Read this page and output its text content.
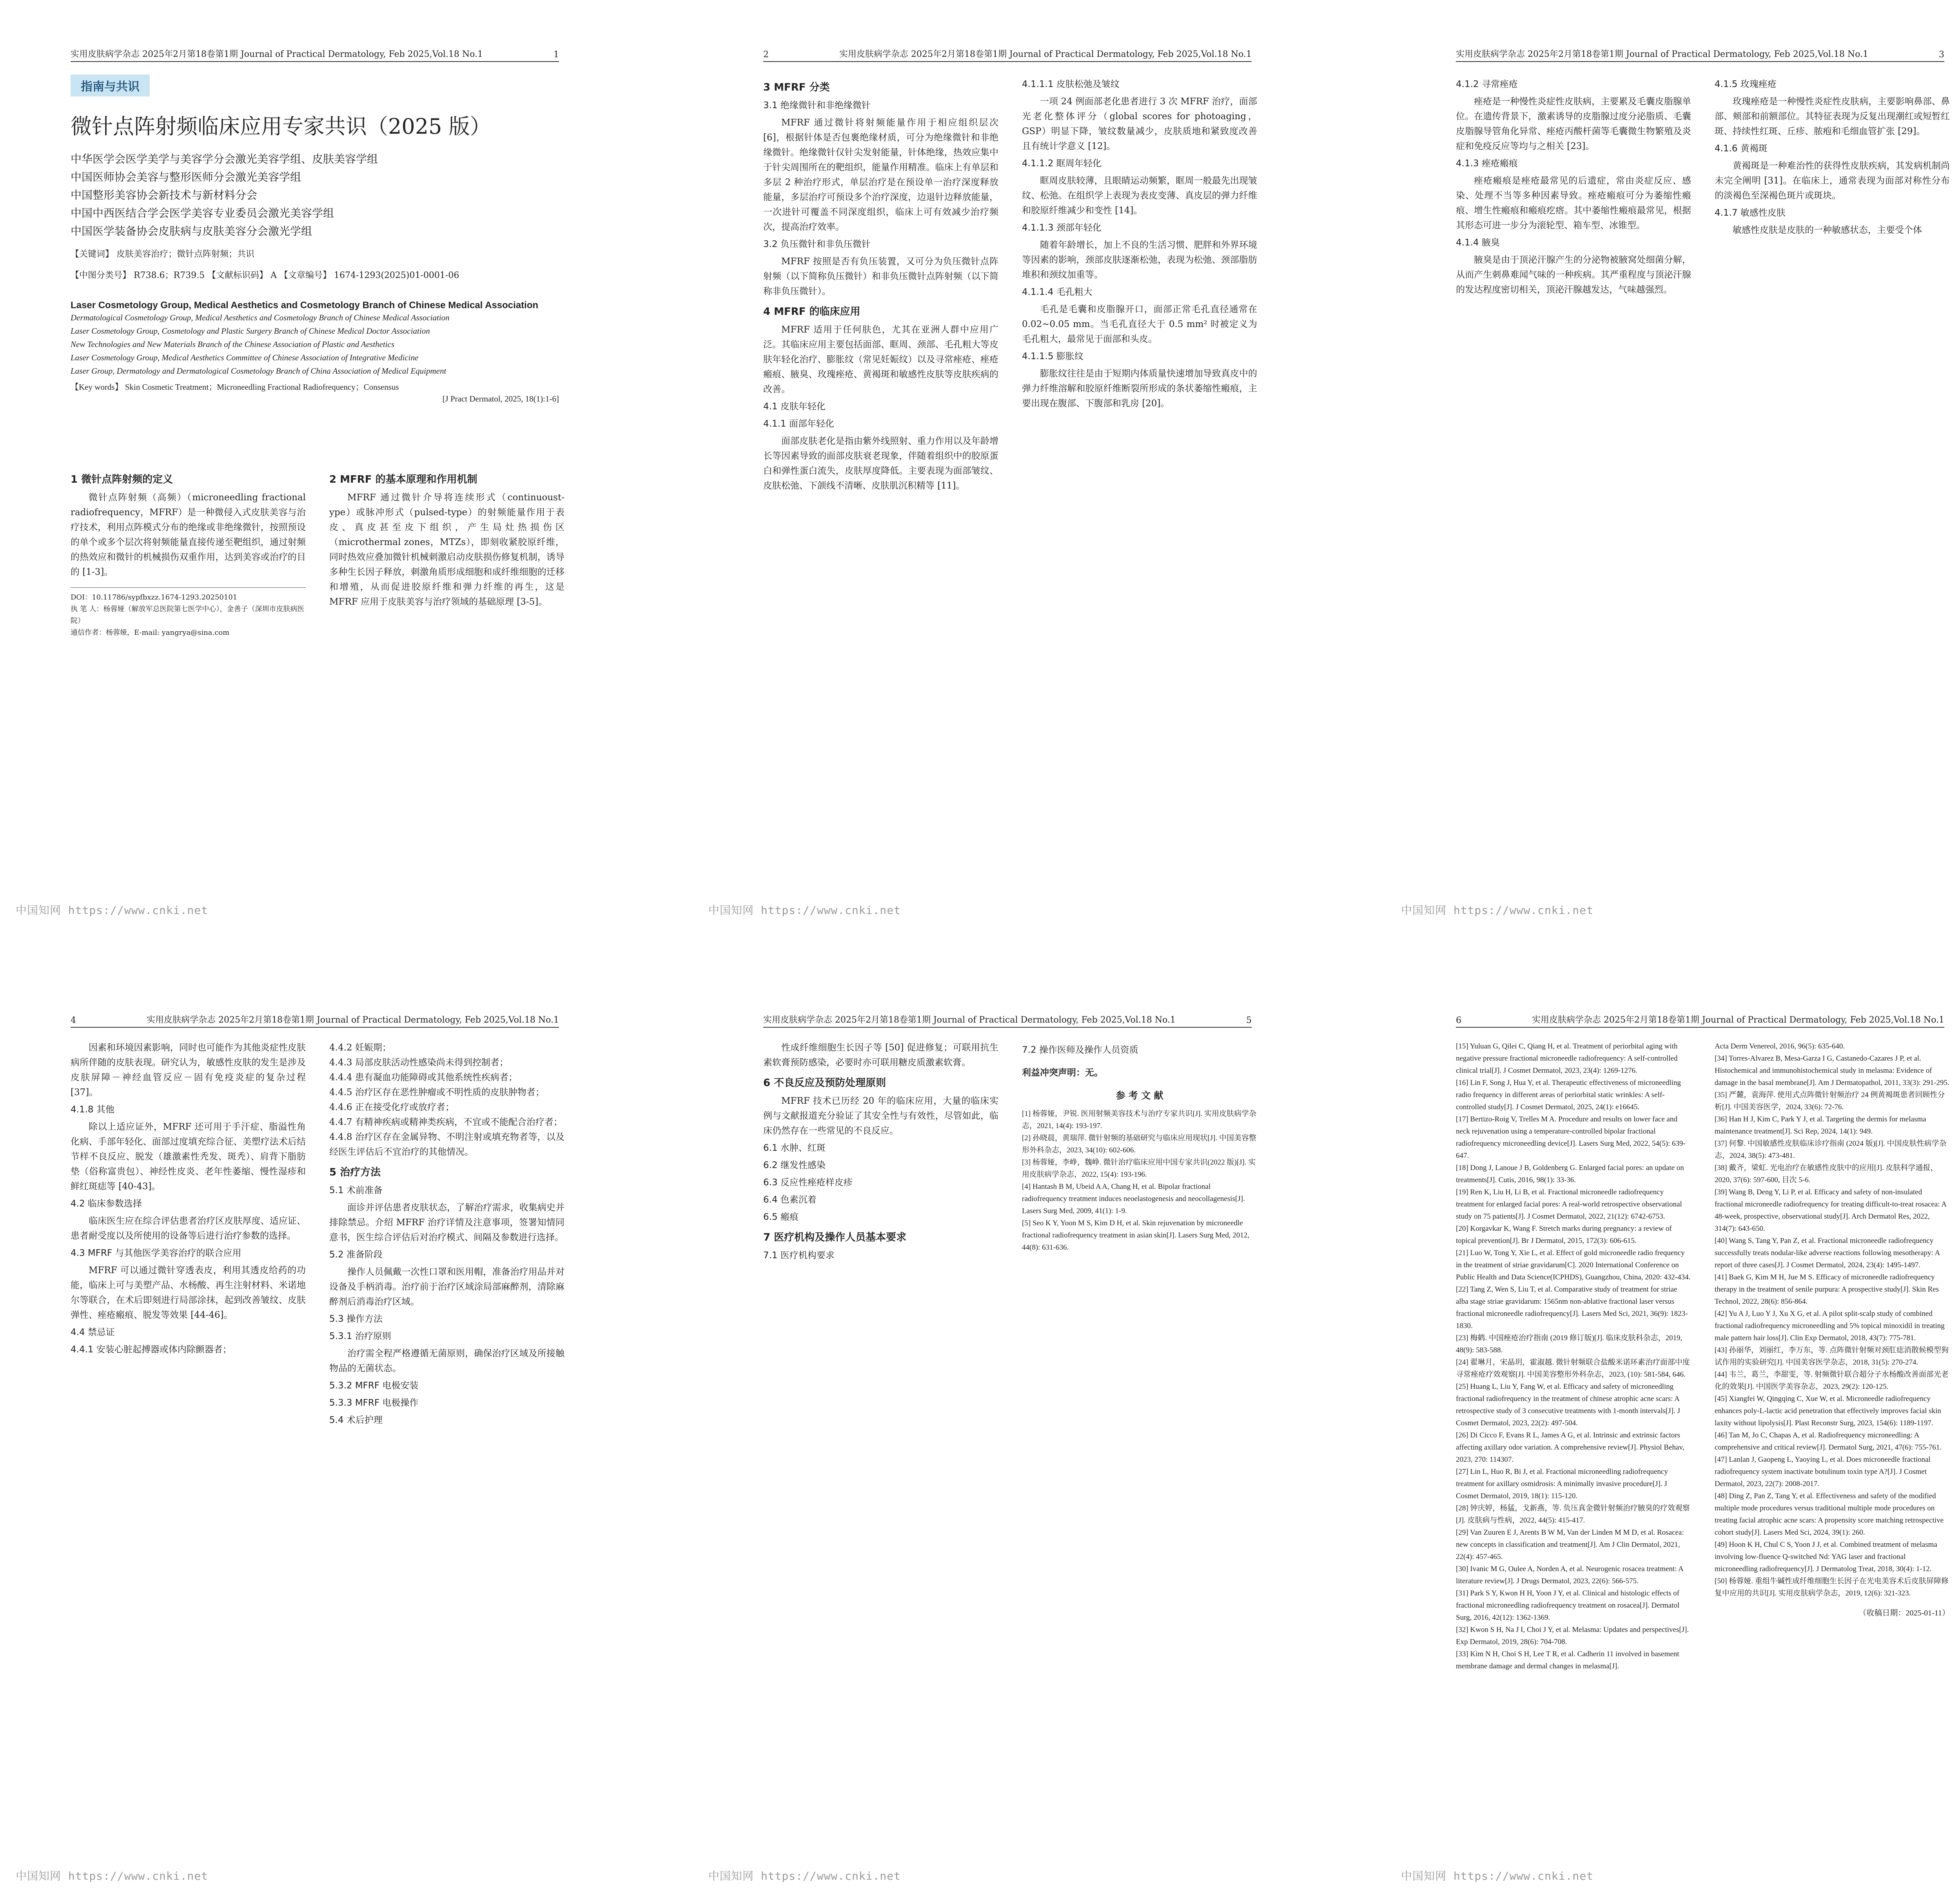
实用皮肤病学杂志 2025年2月第18卷第1期 Journal of Practical Dermatology, Feb 2025,Vol.18 No.1	1
指南与共识
微针点阵射频临床应用专家共识（2025 版）
中华医学会医学美学与美容学分会激光美容学组、皮肤美容学组
中国医师协会美容与整形医师分会激光美容学组
中国整形美容协会新技术与新材料分会
中国中西医结合学会医学美容专业委员会激光美容学组
中国医学装备协会皮肤病与皮肤美容分会激光学组
【关键词】 皮肤美容治疗；微针点阵射频；共识
【中图分类号】 R738.6；R739.5 【文献标识码】 A 【文章编号】 1674-1293(2025)01-0001-06
Laser Cosmetology Group, Medical Aesthetics and Cosmetology Branch of Chinese Medical Association
Dermatological Cosmetology Group, Medical Aesthetics and Cosmetology Branch of Chinese Medical Association
Laser Cosmetology Group, Cosmetology and Plastic Surgery Branch of Chinese Medical Doctor Association
New Technologies and New Materials Branch of the Chinese Association of Plastic and Aesthetics
Laser Cosmetology Group, Medical Aesthetics Committee of Chinese Association of Integrative Medicine
Laser Group, Dermatology and Dermatological Cosmetology Branch of China Association of Medical Equipment
【Key words】 Skin Cosmetic Treatment；Microneedling Fractional Radiofrequency；Consensus
[J Pract Dermatol, 2025, 18(1):1-6]
1 微针点阵射频的定义

微针点阵射频（高频）（microneedling fractional radiofrequency，MFRF）是一种微侵入式皮肤美容与治疗技术，利用点阵模式分布的绝缘或非绝缘微针，按照预设的单个或多个层次将射频能量直接传递至靶组织，通过射频的热效应和微针的机械损伤双重作用，达到美容或治疗的目的 [1-3]。

DOI：10.11786/sypfbxzz.1674-1293.20250101
执 笔 人：杨蓉娅（解放军总医院第七医学中心），金善子（深圳市皮肤病医院）
通信作者：杨蓉娅，E-mail: yangrya@sina.com
2 MFRF 的基本原理和作用机制

MFRF 通过微针介导将连续形式（continuoust-ype）或脉冲形式（pulsed-type）的射频能量作用于表皮、真皮甚至皮下组织，产生局灶热损伤区（microthermal zones，MTZs），即刻收紧胶原纤维，同时热效应叠加微针机械刺激启动皮肤损伤修复机制，诱导多种生长因子释放，刺激角质形成细胞和成纤维细胞的迁移和增殖，从而促进胶原纤维和弹力纤维的再生，这是 MFRF 应用于皮肤美容与治疗领域的基础原理 [3-5]。

中国知网 https://www.cnki.net
2	实用皮肤病学杂志 2025年2月第18卷第1期 Journal of Practical Dermatology, Feb 2025,Vol.18 No.1
3 MFRF 分类
3.1 绝缘微针和非绝缘微针

MFRF 通过微针将射频能量作用于相应组织层次 [6]，根据针体是否包裹绝缘材质，可分为绝缘微针和非绝缘微针。绝缘微针仅针尖发射能量，针体绝缘，热效应集中于针尖周围所在的靶组织，能量作用精准。临床上有单层和多层 2 种治疗形式，单层治疗是在预设单一治疗深度释放能量，多层治疗可预设多个治疗深度，边退针边释放能量，一次进针可覆盖不同深度组织，临床上可有效减少治疗频次，提高治疗效率。

3.2 负压微针和非负压微针

MFRF 按照是否有负压装置，又可分为负压微针点阵射频（以下简称负压微针）和非负压微针点阵射频（以下简称非负压微针）。

4 MFRF 的临床应用

MFRF 适用于任何肤色，尤其在亚洲人群中应用广泛。其临床应用主要包括面部、眶周、颈部、毛孔粗大等皮肤年轻化治疗、膨胀纹（常见妊娠纹）以及寻常痤疮、痤疮瘢痕、腋臭、玫瑰痤疮、黄褐斑和敏感性皮肤等皮肤疾病的改善。

4.1 皮肤年轻化
4.1.1 面部年轻化

面部皮肤老化是指由紫外线照射、重力作用以及年龄增长等因素导致的面部皮肤衰老现象，伴随着组织中的胶原蛋白和弹性蛋白流失，皮肤厚度降低。主要表现为面部皱纹、皮肤松弛、下颌线不清晰、皮肤肌沉积精等 [11]。

4.1.1.1 皮肤松弛及皱纹

一项 24 例面部老化患者进行 3 次 MFRF 治疗，面部光老化整体评分（global scores for photoaging，GSP）明显下降，皱纹数量减少，皮肤质地和紧致度改善且有统计学意义 [12]。

4.1.1.2 眶周年轻化

眶周皮肤较薄，且眼睛运动频繁，眶周一般最先出现皱纹、松弛。在组织学上表现为表皮变薄、真皮层的弹力纤维和胶原纤维减少和变性 [14]。

4.1.1.3 颈部年轻化

随着年龄增长，加上不良的生活习惯、肥胖和外界环境等因素的影响，颈部皮肤逐渐松弛，表现为松弛、颈部脂肪堆积和颈纹加重等。

4.1.1.4 毛孔粗大

毛孔是毛囊和皮脂腺开口，面部正常毛孔直径通常在 0.02~0.05 mm。当毛孔直径大于 0.5 mm² 时被定义为毛孔粗大，最常见于面部和头皮。

4.1.1.5 膨胀纹

膨胀纹往往是由于短期内体质量快速增加导致真皮中的弹力纤维溶解和胶原纤维断裂所形成的条状萎缩性瘢痕，主要出现在腹部、下腹部和乳房 [20]。

中国知网 https://www.cnki.net
实用皮肤病学杂志 2025年2月第18卷第1期 Journal of Practical Dermatology, Feb 2025,Vol.18 No.1	3
4.1.2 寻常痤疮

痤疮是一种慢性炎症性皮肤病，主要累及毛囊皮脂腺单位。在遗传背景下，激素诱导的皮脂腺过度分泌脂质、毛囊皮脂腺导管角化异常、痤疮丙酸杆菌等毛囊微生物繁殖及炎症和免疫反应等均与之相关 [23]。

4.1.3 痤疮瘢痕

痤疮瘢痕是痤疮最常见的后遗症，常由炎症反应、感染、处理不当等多种因素导致。痤疮瘢痕可分为萎缩性瘢痕、增生性瘢痕和瘢痕疙瘩。其中萎缩性瘢痕最常见，根据其形态可进一步分为滚轮型、箱车型、冰锥型。

4.1.4 腋臭

腋臭是由于顶泌汗腺产生的分泌物被腋窝处细菌分解，从而产生刺鼻难闻气味的一种疾病。其严重程度与顶泌汗腺的发达程度密切相关，顶泌汗腺越发达，气味越强烈。

4.1.5 玫瑰痤疮

玫瑰痤疮是一种慢性炎症性皮肤病，主要影响鼻部、鼻部、颊部和前额部位。其特征表现为反复出现潮红或短暂红斑、持续性红斑、丘疹、脓疱和毛细血管扩张 [29]。

4.1.6 黄褐斑

黄褐斑是一种难治性的获得性皮肤疾病，其发病机制尚未完全阐明 [31]。在临床上，通常表现为面部对称性分布的淡褐色至深褐色斑片或斑块。

4.1.7 敏感性皮肤

敏感性皮肤是皮肤的一种敏感状态，主要受个体

中国知网 https://www.cnki.net
4	实用皮肤病学杂志 2025年2月第18卷第1期 Journal of Practical Dermatology, Feb 2025,Vol.18 No.1

因素和环境因素影响，同时也可能作为其他炎症性皮肤病所伴随的皮肤表现。研究认为，敏感性皮肤的发生是涉及皮肤屏障－神经血管反应－固有免疫炎症的复杂过程 [37]。

4.1.8 其他

除以上适应证外，MFRF 还可用于手汗症、脂溢性角化病、手部年轻化、面部过度填充综合征、美塑疗法术后结节样不良反应、脱发（雄激素性秃发、斑秃）、肩背下脂肪垫（俗称富贵包）、神经性皮炎、老年性萎缩、慢性湿疹和鲜红斑痣等 [40-43]。

4.2 临床参数选择

临床医生应在综合评估患者治疗区皮肤厚度、适应证、患者耐受度以及所使用的设备等后进行治疗参数的选择。

4.3 MFRF 与其他医学美容治疗的联合应用

MFRF 可以通过微针穿透表皮，利用其透皮给药的功能，临床上可与美塑产品、水杨酸、再生注射材料、米诺地尔等联合，在术后即刻进行局部涂抹，起到改善皱纹、皮肤弹性、痤疮瘢痕、脱发等效果 [44-46]。

4.4 禁忌证
4.4.1 安装心脏起搏器或体内除颤器者；
4.4.2 妊娠期；
4.4.3 局部皮肤活动性感染尚未得到控制者；
4.4.4 患有凝血功能障碍或其他系统性疾病者；
4.4.5 治疗区存在恶性肿瘤或不明性质的皮肤肿物者；
4.4.6 正在接受化疗或放疗者；
4.4.7 有精神疾病或精神类疾病，不宜或不能配合治疗者；
4.4.8 治疗区存在金属异物、不明注射或填充物者等，以及经医生评估后不宜治疗的其他情况。
5 治疗方法
5.1 术前准备

面诊并评估患者皮肤状态，了解治疗需求，收集病史并排除禁忌。介绍 MFRF 治疗详情及注意事项，签署知情同意书，医生综合评估后对治疗模式、间隔及参数进行选择。

5.2 准备阶段

操作人员佩戴一次性口罩和医用帽，准备治疗用品并对设备及手柄消毒。治疗前于治疗区域涂局部麻醉剂，清除麻醉剂后消毒治疗区域。

5.3 操作方法
5.3.1 治疗原则

治疗需全程严格遵循无菌原则，确保治疗区域及所接触物品的无菌状态。

5.3.2 MFRF 电极安装
5.3.3 MFRF 电极操作
5.4 术后护理
中国知网 https://www.cnki.net
实用皮肤病学杂志 2025年2月第18卷第1期 Journal of Practical Dermatology, Feb 2025,Vol.18 No.1	5

性成纤维细胞生长因子等 [50] 促进修复；可联用抗生素软膏预防感染，必要时亦可联用糖皮质激素软膏。

6 不良反应及预防处理原则

MFRF 技术已历经 20 年的临床应用，大量的临床实例与文献报道充分验证了其安全性与有效性，尽管如此，临床仍然存在一些常见的不良反应。

6.1 水肿、红斑
6.2 继发性感染
6.3 反应性痤疮样皮疹
6.4 色素沉着
6.5 瘢痕
7 医疗机构及操作人员基本要求
7.1 医疗机构要求
7.2 操作医师及操作人员资质
利益冲突声明：无。
参 考 文 献
[1] 杨蓉娅，尹锐. 医用射频美容技术与治疗专家共识[J]. 实用皮肤病学杂志，2021, 14(4): 193-197.
[2] 孙晓晨，黄瑞萍. 微针射频的基础研究与临床应用现状[J]. 中国美容整形外科杂志，2023, 34(10): 602-606.
[3] 杨蓉娅，李峥，魏峥. 微针治疗临床应用中国专家共识(2022 版)[J]. 实用皮肤病学杂志，2022, 15(4): 193-196.
[4] Hantash B M, Ubeid A A, Chang H, et al. Bipolar fractional radiofrequency treatment induces neoelastogenesis and neocollagenesis[J]. Lasers Surg Med, 2009, 41(1): 1-9.
[5] Seo K Y, Yoon M S, Kim D H, et al. Skin rejuvenation by microneedle fractional radiofrequency treatment in asian skin[J]. Lasers Surg Med, 2012, 44(8): 631-636.
中国知网 https://www.cnki.net
6	实用皮肤病学杂志 2025年2月第18卷第1期 Journal of Practical Dermatology, Feb 2025,Vol.18 No.1
[15] Yuluan G, Qilei C, Qiang H, et al. Treatment of periorbital aging with negative pressure fractional microneedle radiofrequency: A self-controlled clinical trial[J]. J Cosmet Dermatol, 2023, 23(4): 1269-1276.
[16] Lin F, Song J, Hua Y, et al. Therapeutic effectiveness of microneedling radio frequency in different areas of periorbital static wrinkles: A self-controlled study[J]. J Cosmet Dermatol, 2025, 24(1): e16645.
[17] Bertizo-Roig V, Trelles M A. Procedure and results on lower face and neck rejuvenation using a temperature-controlled bipolar fractional radiofrequency microneedling device[J]. Lasers Surg Med, 2022, 54(5): 639-647.
[18] Dong J, Lanoue J B, Goldenberg G. Enlarged facial pores: an update on treatments[J]. Cutis, 2016, 98(1): 33-36.
[19] Ren K, Liu H, Li B, et al. Fractional microneedle radiofrequency treatment for enlarged facial pores: A real-world retrospective observational study on 75 patients[J]. J Cosmet Dermatol, 2022, 21(12): 6742-6753.
[20] Korgavkar K, Wang F. Stretch marks during pregnancy: a review of topical prevention[J]. Br J Dermatol, 2015, 172(3): 606-615.
[21] Luo W, Tong Y, Xie L, et al. Effect of gold microneedle radio frequency in the treatment of striae gravidarum[C]. 2020 International Conference on Public Health and Data Science(ICPHDS), Guangzhou, China, 2020: 432-434.
[22] Tang Z, Wen S, Liu T, et al. Comparative study of treatment for striae alba stage striae gravidarum: 1565nm non-ablative fractional laser versus fractional microneedle radiofrequency[J]. Lasers Med Sci, 2021, 36(9): 1823-1830.
[23] 梅鹤. 中国痤疮治疗指南 (2019 修订版)[J]. 临床皮肤科杂志，2019, 48(9): 583-588.
[24] 翟琳月，宋晶玥，霍淑越. 微针射频联合盐酸米诺环素治疗面部中度寻常痤疮疗效观察[J]. 中国美容整形外科杂志，2023, (10): 581-584, 646.
[25] Huang L, Liu Y, Fang W, et al. Efficacy and safety of microneedling fractional radiofrequency in the treatment of chinese atrophic acne scars: A retrospective study of 3 consecutive treatments with 1-month intervals[J]. J Cosmet Dermatol, 2023, 22(2): 497-504.
[26] Di Cicco F, Evans R L, James A G, et al. Intrinsic and extrinsic factors affecting axillary odor variation. A comprehensive review[J]. Physiol Behav, 2023, 270: 114307.
[27] Lin L, Huo R, Bi J, et al. Fractional microneedling radiofrequency treatment for axillary osmidrosis: A minimally invasive procedure[J]. J Cosmet Dermatol, 2019, 18(1): 115-120.
[28] 钟庆婷，杨猛，戈新燕，等. 负压真金微针射频治疗腋臭的疗效观察[J]. 皮肤病与性病，2022, 44(5): 415-417.
[29] Van Zuuren E J, Arents B W M, Van der Linden M M D, et al. Rosacea: new concepts in classification and treatment[J]. Am J Clin Dermatol, 2021, 22(4): 457-465.
[30] Ivanic M G, Oulee A, Norden A, et al. Neurogenic rosacea treatment: A literature review[J]. J Drugs Dermatol, 2023, 22(6): 566-575.
[31] Park S Y, Kwon H H, Yoon J Y, et al. Clinical and histologic effects of fractional microneedling radiofrequency treatment on rosacea[J]. Dermatol Surg, 2016, 42(12): 1362-1369.
[32] Kwon S H, Na J I, Choi J Y, et al. Melasma: Updates and perspectives[J]. Exp Dermatol, 2019, 28(6): 704-708.
[33] Kim N H, Choi S H, Lee T R, et al. Cadherin 11 involved in basement membrane damage and dermal changes in melasma[J].
Acta Derm Venereol, 2016, 96(5): 635-640.
[34] Torres-Alvarez B, Mesa-Garza I G, Castanedo-Cazares J P, et al. Histochemical and immunohistochemical study in melasma: Evidence of damage in the basal membrane[J]. Am J Dermatopathol, 2011, 33(3): 291-295.
[35] 严麓，袁海萍. 使用式点阵微针射频治疗 24 例黄褐斑患者回顾性分析[J]. 中国美容医学，2024, 33(6): 72-76.
[36] Han H J, Kim C, Park Y J, et al. Targeting the dermis for melasma maintenance treatment[J]. Sci Rep, 2024, 14(1): 949.
[37] 何黎. 中国敏感性皮肤临床诊疗指南 (2024 版)[J]. 中国皮肤性病学杂志，2024, 38(5): 473-481.
[38] 戴齐，梁虹. 光电治疗在敏感性皮肤中的应用[J]. 皮肤科学通报，2020, 37(6): 597-600, 目次 5-6.
[39] Wang B, Deng Y, Li P, et al. Efficacy and safety of non-insulated fractional microneedle radiofrequency for treating difficult-to-treat rosacea: A 48-week, prospective, observational study[J]. Arch Dermatol Res, 2022, 314(7): 643-650.
[40] Wang S, Tang Y, Pan Z, et al. Fractional microneedle radiofrequency successfully treats nodular-like adverse reactions following mesotherapy: A report of three cases[J]. J Cosmet Dermatol, 2024, 23(4): 1495-1497.
[41] Baek G, Kim M H, Jue M S. Efficacy of microneedle radiofrequency therapy in the treatment of senile purpura: A prospective study[J]. Skin Res Technol, 2022, 28(6): 856-864.
[42] Yu A J, Luo Y J, Xu X G, et al. A pilot split-scalp study of combined fractional radiofrequency microneedling and 5% topical minoxidil in treating male pattern hair loss[J]. Clin Exp Dermatol, 2018, 43(7): 775-781.
[43] 孙丽华，刘丽红，李万东，等. 点阵微针射频对颈肛痣消散候模型狗试作用的实验研究[J]. 中国美容医学杂志，2018, 31(5): 270-274.
[44] 韦兰，葛兰，李甜雯，等. 射频微针联合超分子水杨酸改善面部光老化的效果[J]. 中国医学美容杂志，2023, 29(2): 120-125.
[45] Xiangfei W, Qingqing C, Xue W, et al. Microneedle radiofrequency enhances poly-L-lactic acid penetration that effectively improves facial skin laxity without lipolysis[J]. Plast Reconstr Surg, 2023, 154(6): 1189-1197.
[46] Tan M, Jo C, Chapas A, et al. Radiofrequency microneedling: A comprehensive and critical review[J]. Dermatol Surg, 2021, 47(6): 755-761.
[47] Lanlan J, Gaopeng L, Yaoying L, et al. Does microneedle fractional radiofrequency system inactivate botulinum toxin type A?[J]. J Cosmet Dermatol, 2023, 22(7): 2008-2017.
[48] Ding Z, Pan Z, Tang Y, et al. Effectiveness and safety of the modified multiple mode procedures versus traditional multiple mode procedures on treating facial atrophic acne scars: A propensity score matching retrospective cohort study[J]. Lasers Med Sci, 2024, 39(1): 260.
[49] Hoon K H, Chul C S, Yoon J J, et al. Combined treatment of melasma involving low-fluence Q-switched Nd: YAG laser and fractional microneedling radiofrequency[J]. J Dermatolog Treat, 2018, 30(4): 1-12.
[50] 杨蓉娅. 重组牛碱性成纤维细胞生长因子在光电美容术后皮肤屏障修复中应用的共识[J]. 实用皮肤病学杂志，2019, 12(6): 321-323.
（收稿日期：2025-01-11）
中国知网 https://www.cnki.net
